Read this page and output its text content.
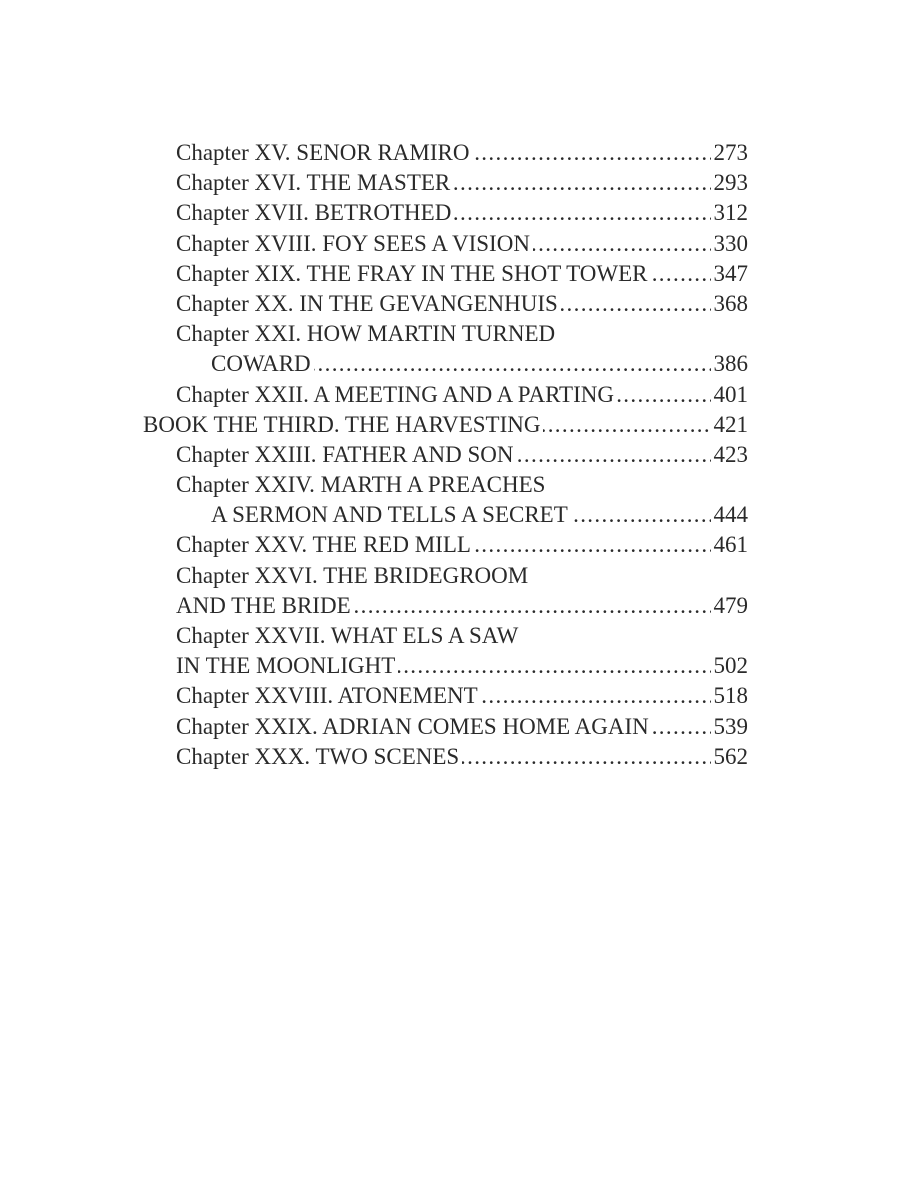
Chapter XV. SENOR RAMIRO . . .	273
Chapter XVI. THE MASTER . . .	293
Chapter XVII. BETROTHED . . .	312
Chapter XVIII. FOY SEES A VISION . . .	330
Chapter XIX. THE FRAY IN THE SHOT TOWER . . .	347
Chapter XX. IN THE GEVANGENHUIS . . .	368
Chapter XXI. HOW MARTIN TURNED
COWARD . . .	386
Chapter XXII. A MEETING AND A PARTING . . .	401
BOOK THE THIRD. THE HARVESTING . . .	421
Chapter XXIII. FATHER AND SON . . .	423
Chapter XXIV. MARTH A PREACHES
A SERMON AND TELLS A SECRET . . .	444
Chapter XXV. THE RED MILL . . .	461
Chapter XXVI. THE BRIDEGROOM
AND THE BRIDE . . .	479
Chapter XXVII. WHAT ELS A SAW
IN THE MOONLIGHT . . .	502
Chapter XXVIII. ATONEMENT . . .	518
Chapter XXIX. ADRIAN COMES HOME AGAIN . . .	539
Chapter XXX. TWO SCENES . . .	562
